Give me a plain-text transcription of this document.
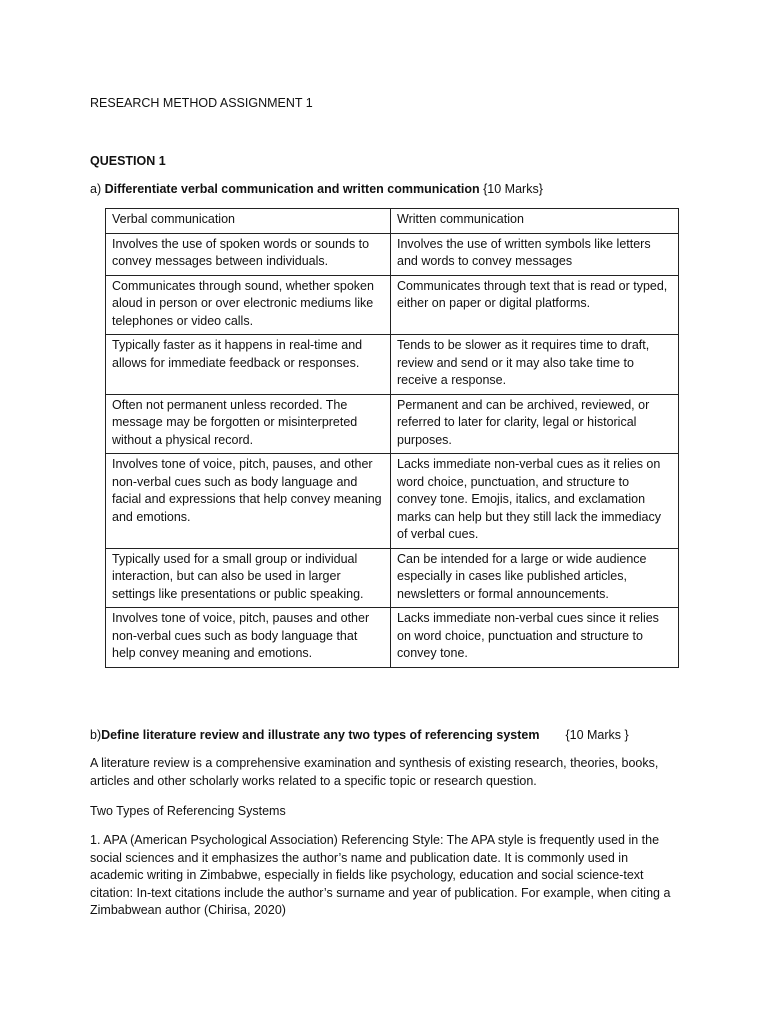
RESEARCH METHOD ASSIGNMENT 1
QUESTION 1
a) Differentiate verbal communication and written communication {10 Marks}
Verbal communication	Written communication
Involves the use of spoken words or sounds to convey messages between individuals.	Involves the use of written symbols like letters and words to convey messages
Communicates through sound, whether spoken aloud in person or over electronic mediums like telephones or video calls.	Communicates through text that is read or typed, either on paper or digital platforms.
Typically faster as it happens in real-time and allows for immediate feedback or responses.	Tends to be slower as it requires time to draft, review and send or it may also take time to receive a response.
Often not permanent unless recorded. The message may be forgotten or misinterpreted without a physical record.	Permanent and can be archived, reviewed, or referred to later for clarity, legal or historical purposes.
Involves tone of voice, pitch, pauses, and other non-verbal cues such as body language and facial and expressions that help convey meaning and emotions.	Lacks immediate non-verbal cues as it relies on word choice, punctuation, and structure to convey tone. Emojis, italics, and exclamation marks can help but they still lack the immediacy of verbal cues.
Typically used for a small group or individual interaction, but can also be used in larger settings like presentations or public speaking.	Can be intended for a large or wide audience especially in cases like published articles, newsletters or formal announcements.
Involves tone of voice, pitch, pauses and other non-verbal cues such as body language that help convey meaning and emotions.	Lacks immediate non-verbal cues since it relies on word choice, punctuation and structure to convey tone.
b)Define literature review and illustrate any two types of referencing system {10 Marks }
A literature review is a comprehensive examination and synthesis of existing research, theories, books, articles and other scholarly works related to a specific topic or research question.
Two Types of Referencing Systems
1. APA (American Psychological Association) Referencing Style: The APA style is frequently used in the social sciences and it emphasizes the author’s name and publication date. It is commonly used in academic writing in Zimbabwe, especially in fields like psychology, education and social science-text citation: In-text citations include the author’s surname and year of publication. For example, when citing a Zimbabwean author (Chirisa, 2020)
